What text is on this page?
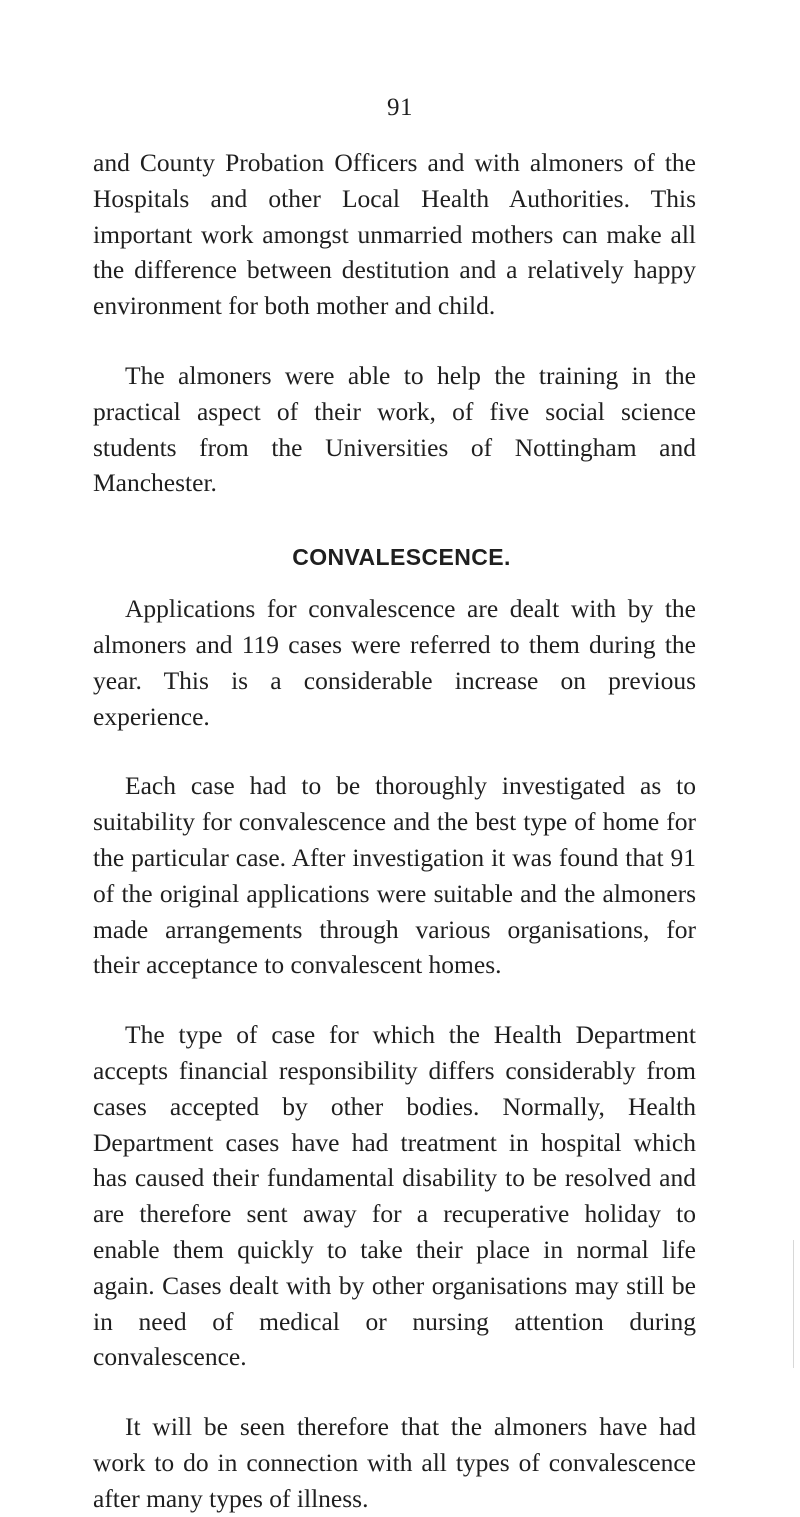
91

and County Probation Officers and with almoners of the Hospitals and other Local Health Authorities. This important work amongst unmarried mothers can make all the difference between destitution and a relatively happy environment for both mother and child.

The almoners were able to help the training in the practical aspect of their work, of five social science students from the Universities of Nottingham and Manchester.

CONVALESCENCE.

Applications for convalescence are dealt with by the almoners and 119 cases were referred to them during the year. This is a considerable increase on previous experience.

Each case had to be thoroughly investigated as to suitability for convalescence and the best type of home for the particular case. After investigation it was found that 91 of the original applications were suitable and the almoners made arrangements through various organisations, for their acceptance to convalescent homes.

The type of case for which the Health Department accepts financial responsibility differs considerably from cases accepted by other bodies. Normally, Health Department cases have had treatment in hospital which has caused their fundamental disability to be resolved and are therefore sent away for a recuperative holiday to enable them quickly to take their place in normal life again. Cases dealt with by other organisations may still be in need of medical or nursing attention during convalescence.

It will be seen therefore that the almoners have had work to do in connection with all types of convalescence after many types of illness.
